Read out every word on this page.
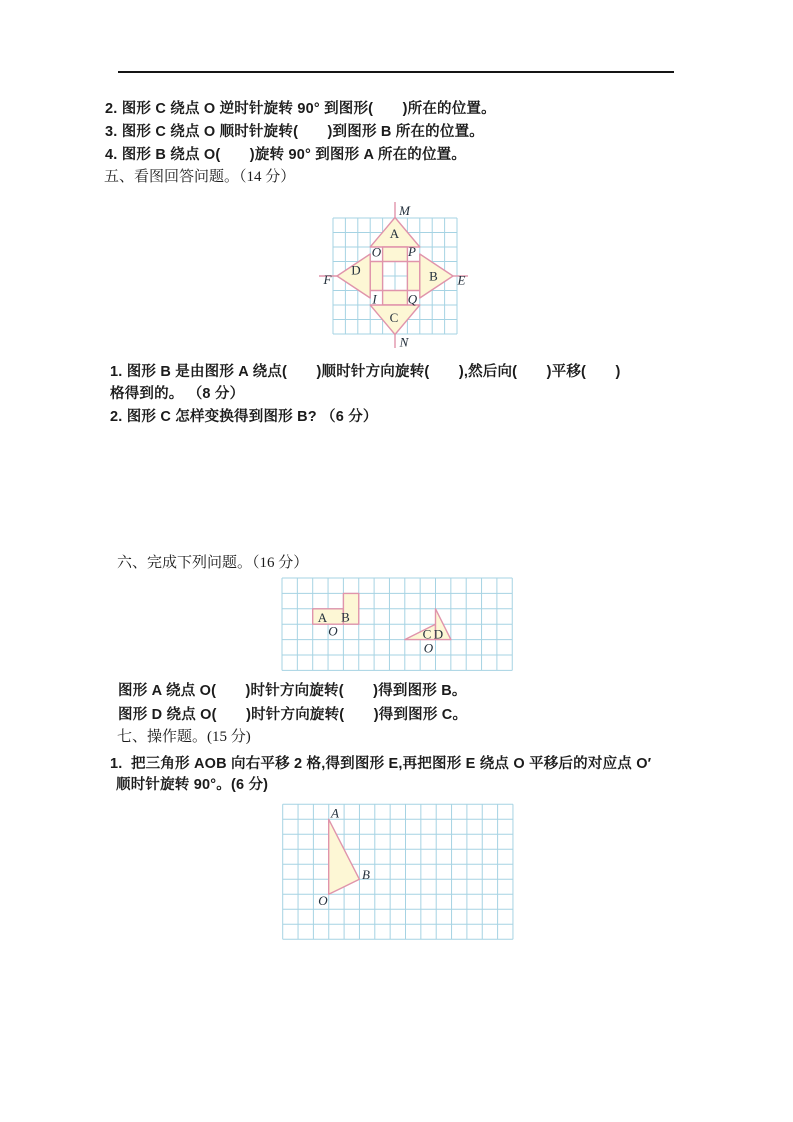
2. 图形 C 绕点 O 逆时针旋转 90° 到图形(　　)所在的位置。
3. 图形 C 绕点 O 顺时针旋转(　　)到图形 B 所在的位置。
4. 图形 B 绕点 O(　　)旋转 90° 到图形 A 所在的位置。
五、看图回答问题。（14 分）
M
N
F	E
O P
I Q
A
B
C
D
1. 图形 B 是由图形 A 绕点(　　)顺时针方向旋转(　　),然后向(　　)平移(　　)
格得到的。 （8 分）
2. 图形 C 怎样变换得到图形 B? （6 分）
六、完成下列问题。（16 分）
A B
O	C D
O
图形 A 绕点 O(　　)时针方向旋转(　　)得到图形 B。
图形 D 绕点 O(　　)时针方向旋转(　　)得到图形 C。
七、操作题。(15 分)
1.  把三角形 AOB 向右平移 2 格,得到图形 E,再把图形 E 绕点 O 平移后的对应点 O′
顺时针旋转 90°。(6 分)
A
B
O
